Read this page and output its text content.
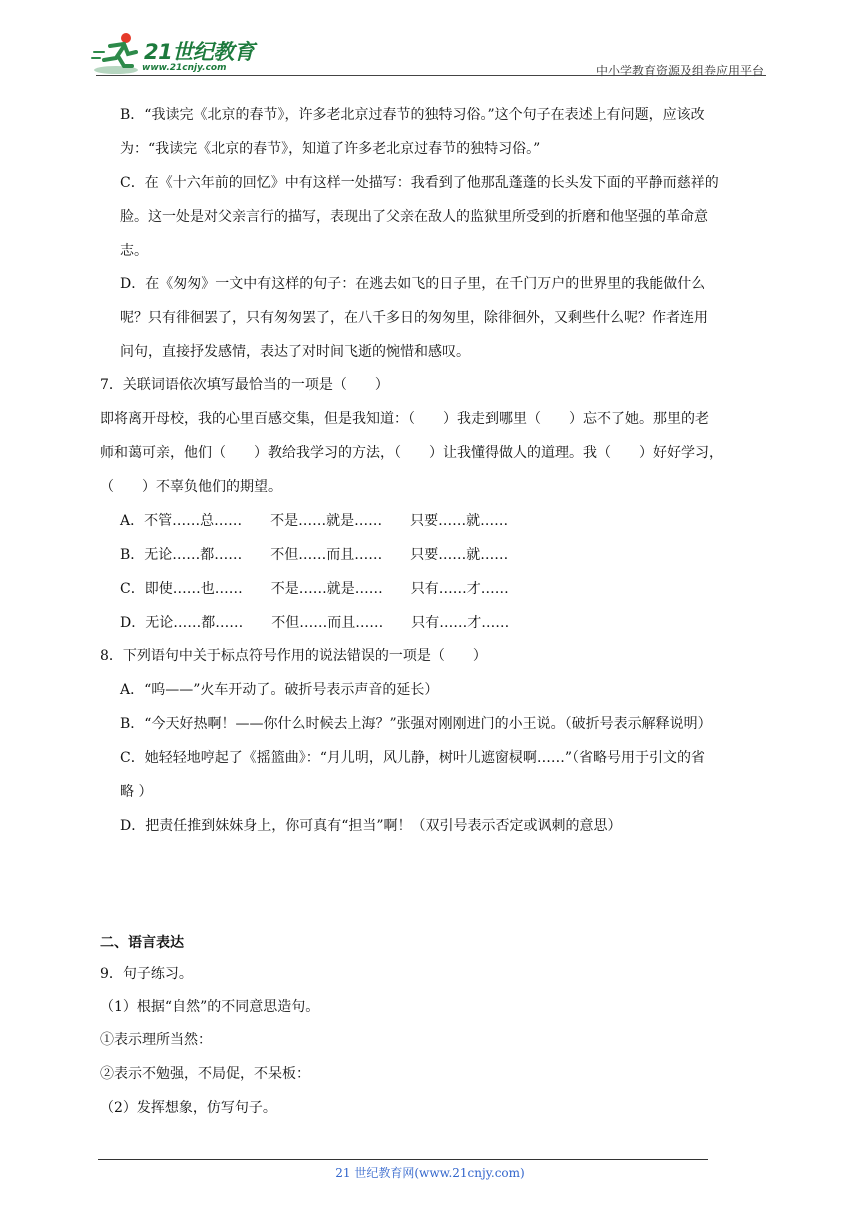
21世纪教育
www.21cnjy.com	中小学教育资源及组卷应用平台
B．“我读完《北京的春节》，许多老北京过春节的独特习俗。”这个句子在表述上有问题，应该改
为：“我读完《北京的春节》，知道了许多老北京过春节的独特习俗。”
C．在《十六年前的回忆》中有这样一处描写：我看到了他那乱蓬蓬的长头发下面的平静而慈祥的
脸。这一处是对父亲言行的描写，表现出了父亲在敌人的监狱里所受到的折磨和他坚强的革命意
志。
D．在《匆匆》一文中有这样的句子：在逃去如飞的日子里，在千门万户的世界里的我能做什么
呢？只有徘徊罢了，只有匆匆罢了，在八千多日的匆匆里，除徘徊外，又剩些什么呢？作者连用
问句，直接抒发感情，表达了对时间飞逝的惋惜和感叹。
7．关联词语依次填写最恰当的一项是（　　）
即将离开母校，我的心里百感交集，但是我知道：（　　）我走到哪里（　　）忘不了她。那里的老
师和蔼可亲，他们（　　）教给我学习的方法，（　　）让我懂得做人的道理。我（　　）好好学习，
（　　）不辜负他们的期望。
A．不管……总……　　不是……就是……　　只要……就……
B．无论……都……　　不但……而且……　　只要……就……
C．即使……也……　　不是……就是……　　只有……才……
D．无论……都……　　不但……而且……　　只有……才……
8．下列语句中关于标点符号作用的说法错误的一项是（　　）
A．“呜——”火车开动了。破折号表示声音的延长）
B．“今天好热啊！——你什么时候去上海？”张强对刚刚进门的小王说。（破折号表示解释说明）
C．她轻轻地哼起了《摇篮曲》：“月儿明，风儿静，树叶儿遮窗棂啊……”（省略号用于引文的省
略 ）
D．把责任推到妹妹身上，你可真有“担当”啊！（双引号表示否定或讽刺的意思）
二、语言表达
9．句子练习。
（1）根据“自然”的不同意思造句。
①表示理所当然：
②表示不勉强，不局促，不呆板：
（2）发挥想象，仿写句子。
21 世纪教育网(www.21cnjy.com)
